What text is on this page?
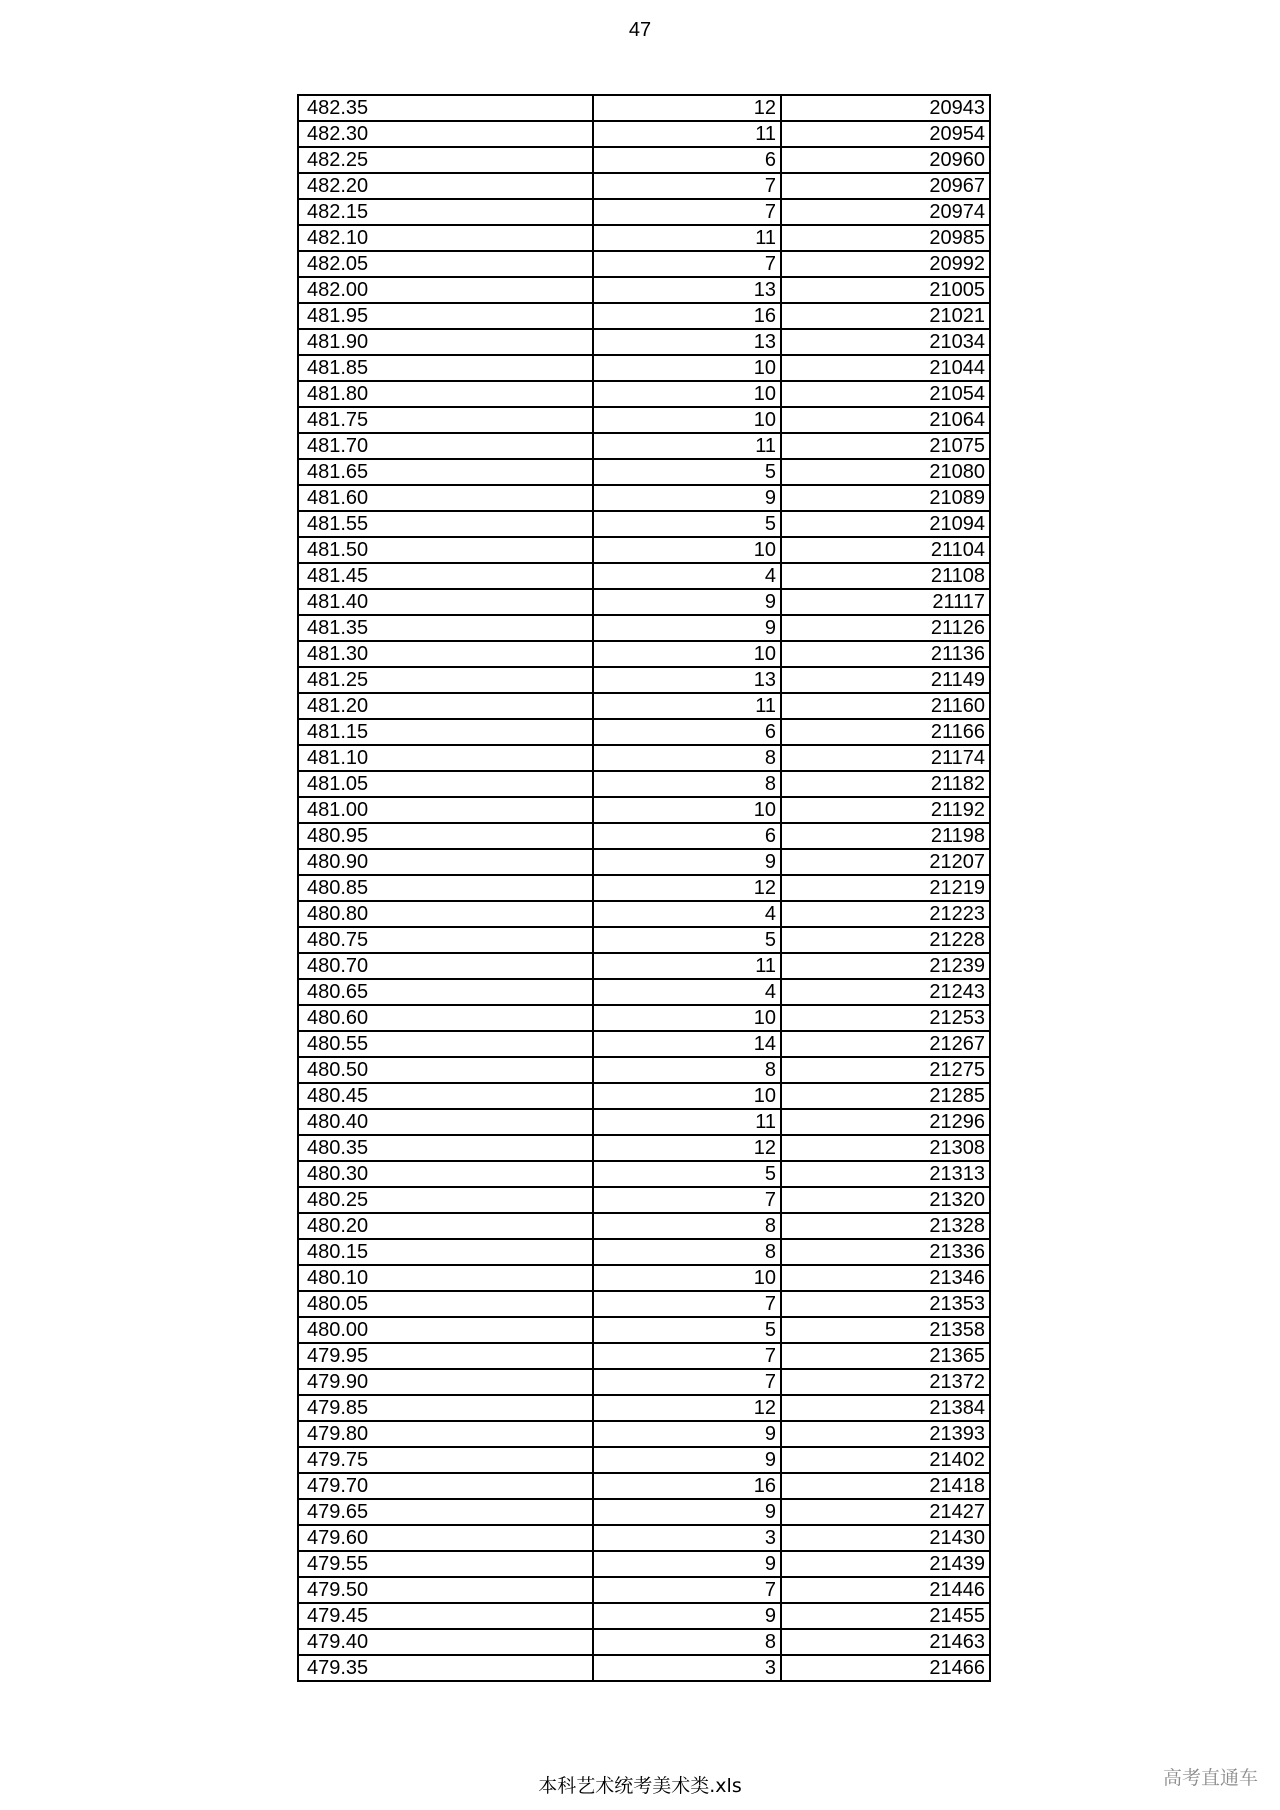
47
482.35	12	20943
482.30	11	20954
482.25	6	20960
482.20	7	20967
482.15	7	20974
482.10	11	20985
482.05	7	20992
482.00	13	21005
481.95	16	21021
481.90	13	21034
481.85	10	21044
481.80	10	21054
481.75	10	21064
481.70	11	21075
481.65	5	21080
481.60	9	21089
481.55	5	21094
481.50	10	21104
481.45	4	21108
481.40	9	21117
481.35	9	21126
481.30	10	21136
481.25	13	21149
481.20	11	21160
481.15	6	21166
481.10	8	21174
481.05	8	21182
481.00	10	21192
480.95	6	21198
480.90	9	21207
480.85	12	21219
480.80	4	21223
480.75	5	21228
480.70	11	21239
480.65	4	21243
480.60	10	21253
480.55	14	21267
480.50	8	21275
480.45	10	21285
480.40	11	21296
480.35	12	21308
480.30	5	21313
480.25	7	21320
480.20	8	21328
480.15	8	21336
480.10	10	21346
480.05	7	21353
480.00	5	21358
479.95	7	21365
479.90	7	21372
479.85	12	21384
479.80	9	21393
479.75	9	21402
479.70	16	21418
479.65	9	21427
479.60	3	21430
479.55	9	21439
479.50	7	21446
479.45	9	21455
479.40	8	21463
479.35	3	21466
本科艺术统考美术类.xls	高考直通车
